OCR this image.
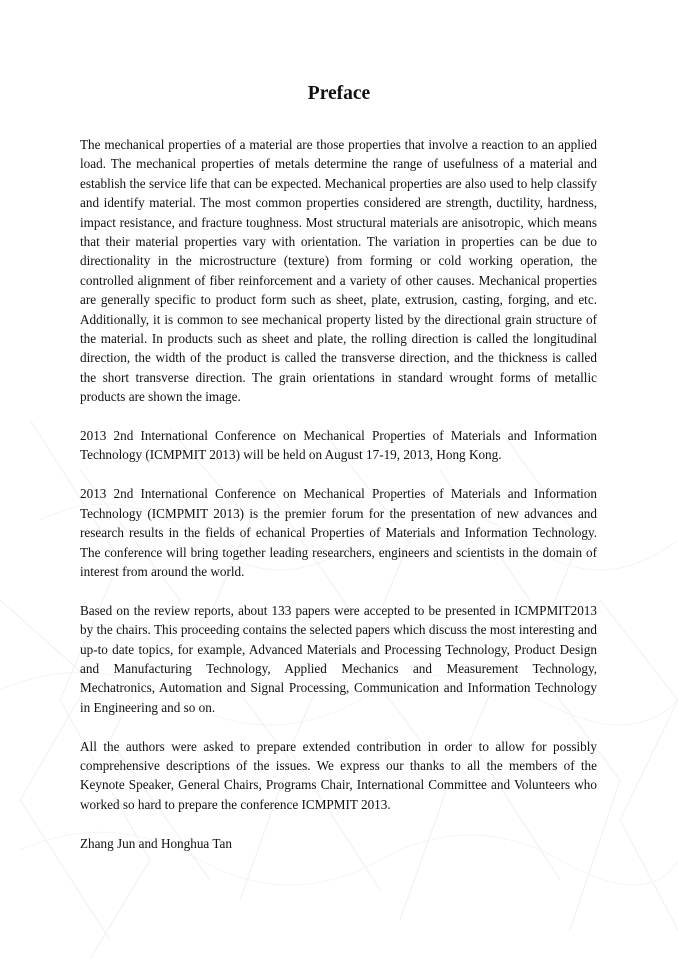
Preface

The mechanical properties of a material are those properties that involve a reaction to an applied load. The mechanical properties of metals determine the range of usefulness of a material and establish the service life that can be expected. Mechanical properties are also used to help classify and identify material. The most common properties considered are strength, ductility, hardness, impact resistance, and fracture toughness. Most structural materials are anisotropic, which means that their material properties vary with orientation. The variation in properties can be due to directionality in the microstructure (texture) from forming or cold working operation, the controlled alignment of fiber reinforcement and a variety of other causes. Mechanical properties are generally specific to product form such as sheet, plate, extrusion, casting, forging, and etc. Additionally, it is common to see mechanical property listed by the directional grain structure of the material. In products such as sheet and plate, the rolling direction is called the longitudinal direction, the width of the product is called the transverse direction, and the thickness is called the short transverse direction. The grain orientations in standard wrought forms of metallic products are shown the image.

2013 2nd International Conference on Mechanical Properties of Materials and Information Technology (ICMPMIT 2013) will be held on August 17-19, 2013, Hong Kong.

2013 2nd International Conference on Mechanical Properties of Materials and Information Technology (ICMPMIT 2013) is the premier forum for the presentation of new advances and research results in the fields of echanical Properties of Materials and Information Technology. The conference will bring together leading researchers, engineers and scientists in the domain of interest from around the world.

Based on the review reports, about 133 papers were accepted to be presented in ICMPMIT2013 by the chairs. This proceeding contains the selected papers which discuss the most interesting and up-to date topics, for example, Advanced Materials and Processing Technology, Product Design and Manufacturing Technology, Applied Mechanics and Measurement Technology, Mechatronics, Automation and Signal Processing, Communication and Information Technology in Engineering and so on.

All the authors were asked to prepare extended contribution in order to allow for possibly comprehensive descriptions of the issues. We express our thanks to all the members of the Keynote Speaker, General Chairs, Programs Chair, International Committee and Volunteers who worked so hard to prepare the conference ICMPMIT 2013.

Zhang Jun and Honghua Tan
